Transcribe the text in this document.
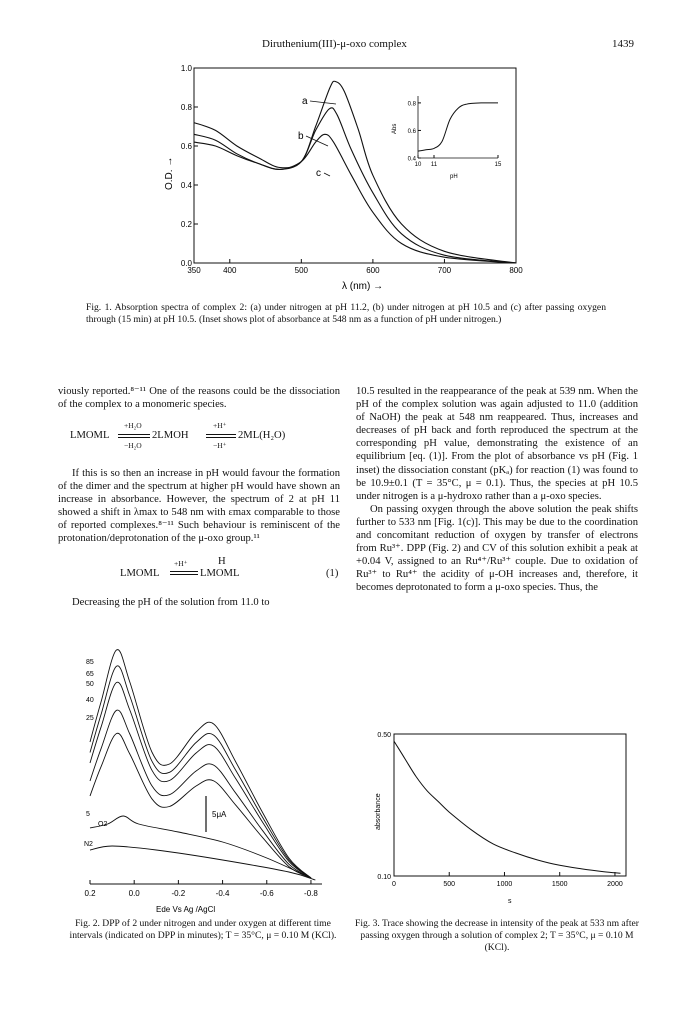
Diruthenium(III)-μ-oxo complex	1439
0.0
0.2
0.4
0.6
0.8
1.0
350	400	500	600	700	800
O.D. →
λ (nm) →
a
b
c
0.4
0.6
0.8
10 11	15
Abs
pH
Fig. 1. Absorption spectra of complex 2: (a) under nitrogen at pH 11.2, (b) under nitrogen at pH 10.5 and (c) after passing oxygen through (15 min) at pH 10.5. (Inset shows plot of absorbance at 548 nm as a function of pH under nitrogen.)

viously reported.⁸⁻¹¹ One of the reasons could be the dissociation of the complex to a monomeric species.

LMOML
+H₂O
−H₂O
2LMOH
+H⁺
−H⁺
2ML(H₂O)

If this is so then an increase in pH would favour the formation of the dimer and the spectrum at higher pH would have shown an increase in absorbance. However, the spectrum of 2 at pH 11 showed a shift in λmax to 548 nm with εmax comparable to those of reported complexes.⁸⁻¹¹ Such behaviour is reminiscent of the protonation/deprotonation of the μ-oxo group.¹¹

LMOML
+H⁺	H
LMOML	(1)

Decreasing the pH of the solution from 11.0 to

10.5 resulted in the reappearance of the peak at 539 nm. When the pH of the complex solution was again adjusted to 11.0 (addition of NaOH) the peak at 548 nm reappeared. Thus, increases and decreases of pH back and forth reproduced the spectrum at the corresponding pH value, demonstrating the existence of an equilibrium [eq. (1)]. From the plot of absorbance vs pH (Fig. 1 inset) the dissociation constant (pKₐ) for reaction (1) was found to be 10.9±0.1 (T = 35°C, μ = 0.1). Thus, the species at pH 10.5 under nitrogen is a μ-hydroxo rather than a μ-oxo species.

On passing oxygen through the above solution the peak shifts further to 533 nm [Fig. 1(c)]. This may be due to the coordination and concomitant reduction of oxygen by transfer of electrons from Ru³⁺. DPP (Fig. 2) and CV of this solution exhibit a peak at +0.04 V, assigned to an Ru⁴⁺/Ru³⁺ couple. Due to oxidation of Ru³⁺ to Ru⁴⁺ the acidity of μ-OH increases and, therefore, it becomes deprotonated to form a μ-oxo species. Thus, the

0.2	0.0	-0.2	-0.4	-0.6	-0.8
85
65
50
40
25
5
O2
N2
5μA
Ede Vs Ag /AgCl
Fig. 2. DPP of 2 under nitrogen and under oxygen at different time intervals (indicated on DPP in minutes); T = 35°C, μ = 0.10 M (KCl).
0.50
0.10
0	500	1000	1500	2000
absorbance
s
Fig. 3. Trace showing the decrease in intensity of the peak at 533 nm after passing oxygen through a solution of complex 2; T = 35°C, μ = 0.10 M (KCl).
